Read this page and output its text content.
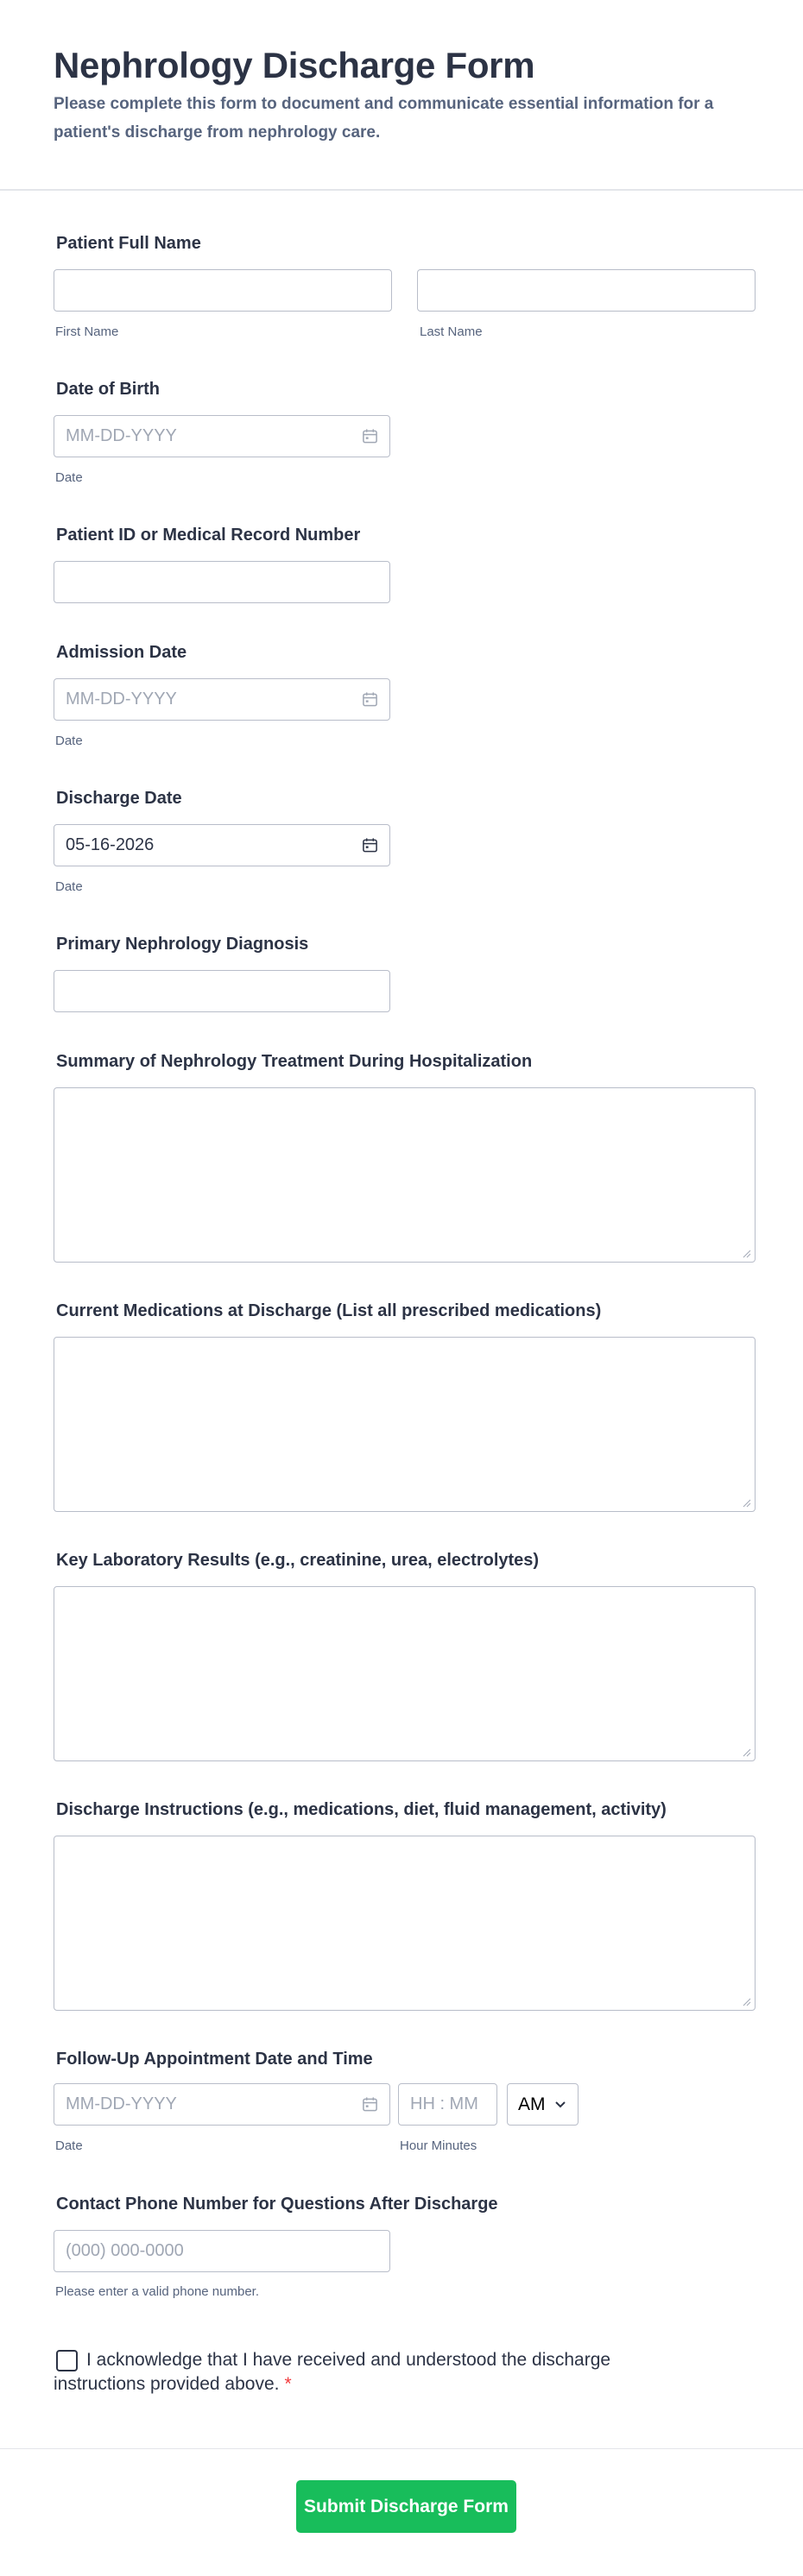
Nephrology Discharge Form

Please complete this form to document and communicate essential information for a patient's discharge from nephrology care.

Patient Full Name
First Name	Last Name
Date of Birth
MM-DD-YYYY
Date
Patient ID or Medical Record Number
Admission Date
MM-DD-YYYY
Date
Discharge Date
05-16-2026
Date
Primary Nephrology Diagnosis
Summary of Nephrology Treatment During Hospitalization
Current Medications at Discharge (List all prescribed medications)
Key Laboratory Results (e.g., creatinine, urea, electrolytes)
Discharge Instructions (e.g., medications, diet, fluid management, activity)
Follow-Up Appointment Date and Time
MM-DD-YYYY
Date
HH : MM	Hour Minutes
AM
Contact Phone Number for Questions After Discharge
(000) 000-0000
Please enter a valid phone number.

I acknowledge that I have received and understood the discharge instructions provided above. *

Submit Discharge Form
